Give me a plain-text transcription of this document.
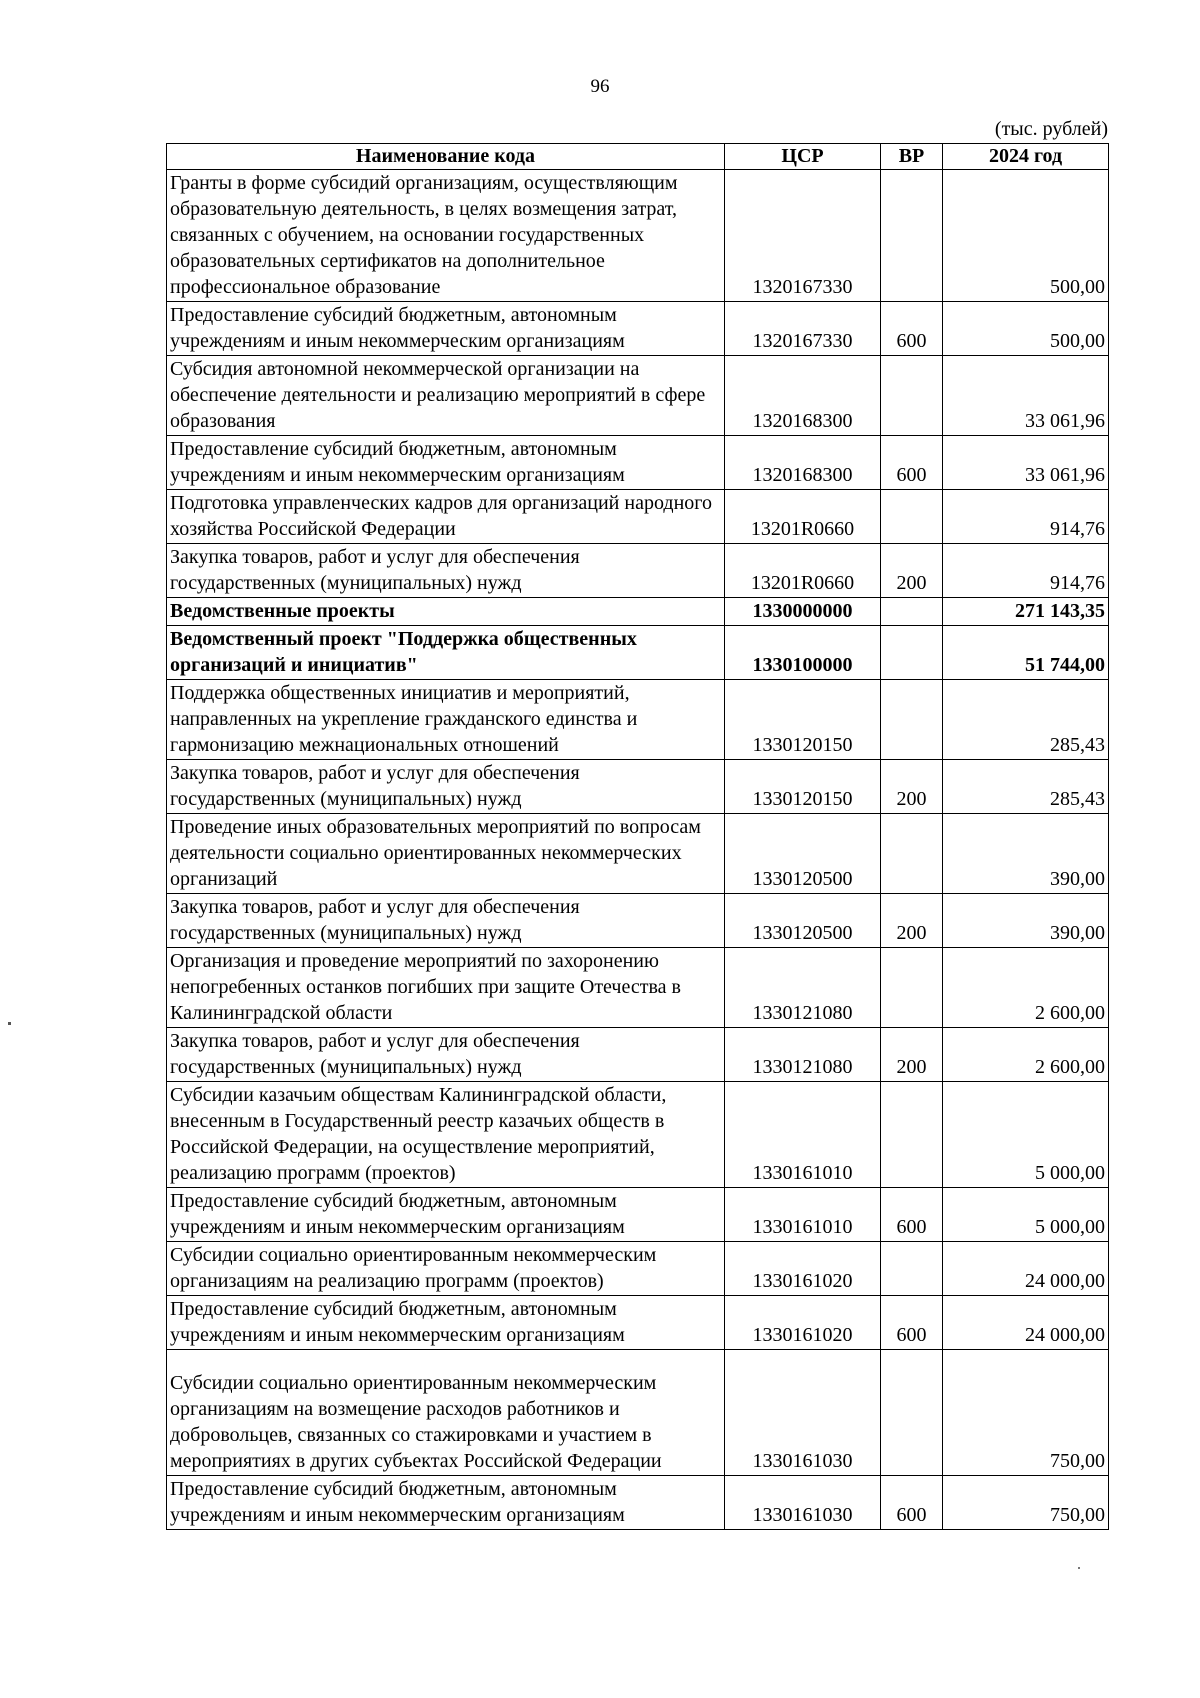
96
(тыс. рублей)
Наименование кода	ЦСР	ВР	2024 год
Гранты в форме субсидий организациям, осуществляющим образовательную деятельность, в целях возмещения затрат, связанных с обучением, на основании государственных образовательных сертификатов на дополнительное профессиональное образование	1320167330		500,00
Предоставление субсидий бюджетным, автономным учреждениям и иным некоммерческим организациям	1320167330	600	500,00
Субсидия автономной некоммерческой организации на обеспечение деятельности и реализацию мероприятий в сфере образования	1320168300		33 061,96
Предоставление субсидий бюджетным, автономным учреждениям и иным некоммерческим организациям	1320168300	600	33 061,96
Подготовка управленческих кадров для организаций народного хозяйства Российской Федерации	13201R0660		914,76
Закупка товаров, работ и услуг для обеспечения государственных (муниципальных) нужд	13201R0660	200	914,76
Ведомственные проекты	1330000000		271 143,35
Ведомственный проект "Поддержка общественных организаций и инициатив"	1330100000		51 744,00
Поддержка общественных инициатив и мероприятий, направленных на укрепление гражданского единства и гармонизацию межнациональных отношений	1330120150		285,43
Закупка товаров, работ и услуг для обеспечения государственных (муниципальных) нужд	1330120150	200	285,43
Проведение иных образовательных мероприятий по вопросам деятельности социально ориентированных некоммерческих организаций	1330120500		390,00
Закупка товаров, работ и услуг для обеспечения государственных (муниципальных) нужд	1330120500	200	390,00
Организация и проведение мероприятий по захоронению непогребенных останков погибших при защите Отечества в Калининградской области	1330121080		2 600,00
Закупка товаров, работ и услуг для обеспечения государственных (муниципальных) нужд	1330121080	200	2 600,00
Субсидии казачьим обществам Калининградской области, внесенным в Государственный реестр казачьих обществ в Российской Федерации, на осуществление мероприятий, реализацию программ (проектов)	1330161010		5 000,00
Предоставление субсидий бюджетным, автономным учреждениям и иным некоммерческим организациям	1330161010	600	5 000,00
Субсидии социально ориентированным некоммерческим организациям на реализацию программ (проектов)	1330161020		24 000,00
Предоставление субсидий бюджетным, автономным учреждениям и иным некоммерческим организациям	1330161020	600	24 000,00
Субсидии социально ориентированным некоммерческим организациям на возмещение расходов работников и добровольцев, связанных со стажировками и участием в мероприятиях в других субъектах Российской Федерации	1330161030		750,00
Предоставление субсидий бюджетным, автономным учреждениям и иным некоммерческим организациям	1330161030	600	750,00
